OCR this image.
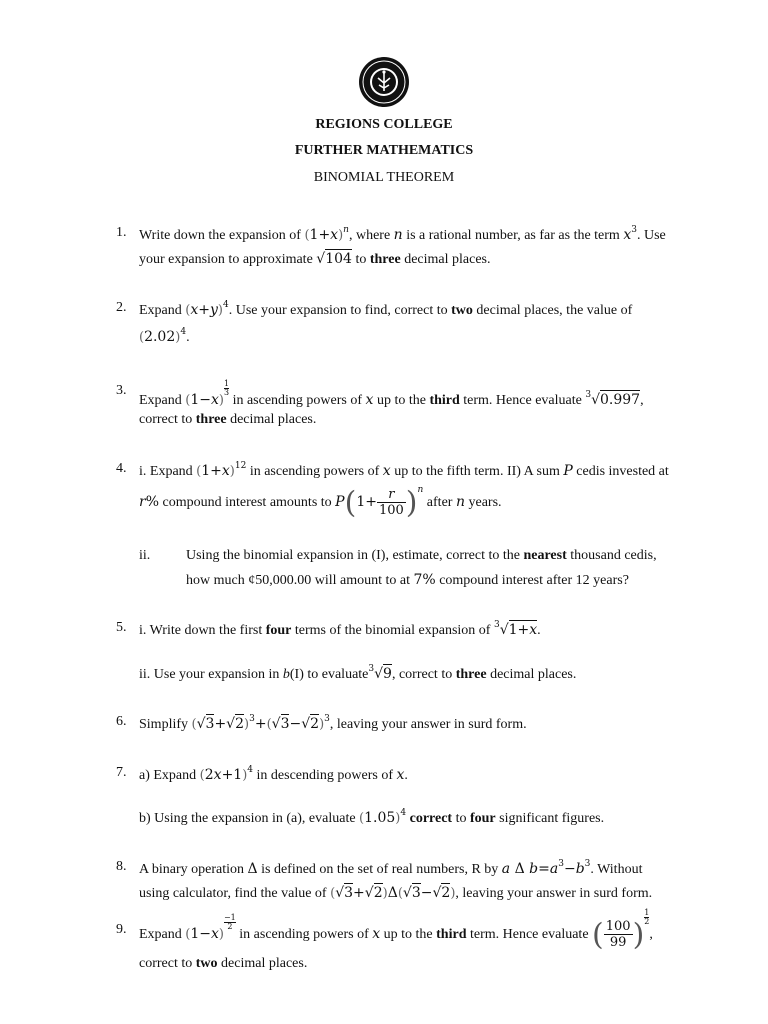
REGIONS COLLEGE
FURTHER MATHEMATICS
BINOMIAL THEOREM
1. Write down the expansion of $(1+x)^n$, where n is a rational number, as far as the term $x^3$. Use
your expansion to approximate √104 to three decimal places.
2. Expand $(x+y)^4$. Use your expansion to find, correct to two decimal places, the value of
$(2.02)^4$.
3.
Expand (1−x)
$\frac{1}{3}$ in ascending powers of x up to the third term. Hence evaluate $^3$√0.997,
correct to three decimal places.
4. i. Expand $(1+x)^{12}$ in ascending powers of x up to the fifth term. II) A sum P cedis invested at
r% compound interest amounts to $P(1+ \frac{r}{100} )^n$ after n years.
ii.	Using the binomial expansion in (I), estimate, correct to the nearest thousand cedis,
how much ¢50,000.00 will amount to at 7% compound interest after 12 years?
5. i. Write down the first four terms of the binomial expansion of $^3$√1+x.
ii. Use your expansion in b(I) to evaluate$^3$√9, correct to three decimal places.
6. Simplify $(√3+√2)^3+(√3-√2)^3$, leaving your answer in surd form.
7. a) Expand $(2x+1)^4$ in descending powers of x.
b) Using the expansion in (a), evaluate $(1.05)^4$ correct to four significant figures.
8. A binary operation Δ is defined on the set of real numbers, R by a Δ $b=a^3-b^3$. Without
using calculator, find the value of (√3+√2)Δ(√3−√2), leaving your answer in surd form.
9. Expand (1−x)
$\frac{-1}{2}$ in ascending powers of x up to the third term. Hence evaluate ( $\frac{100}{99}$ ) $\frac{1}{2}$,
correct to two decimal places.
